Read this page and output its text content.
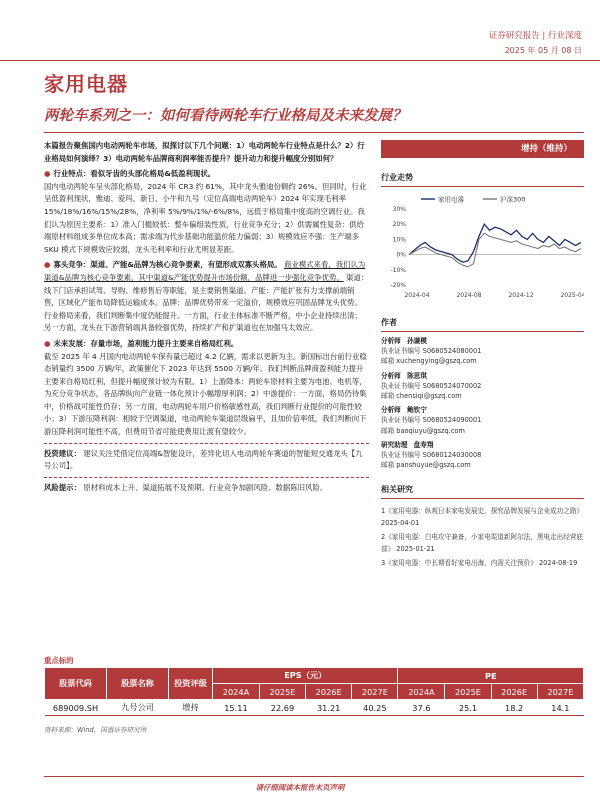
证券研究报告 | 行业深度
2025 年 05 月 08 日
家用电器
两轮车系列之一：如何看待两轮车行业格局及未来发展？

本篇报告聚焦国内电动两轮车市场，拟探讨以下几个问题：1）电动两轮车行业特点是什么？2）行业格局如何演绎？3）电动两轮车品牌商利润率能否提升？提升动力和提升幅度分别如何？

● 行业特点：看似牙齿的头部化格局&低盈利现状。
国内电动两轮车呈头部化格局，2024 年 CR3 约 61%，其中龙头雅迪份额约 26%。但同时，行业呈低盈利现状，雅迪、爱玛、新日、小牛和九号（定位高端电动两轮车）2024 年实现毛利率 15%/18%/16%/15%/28%，净利率 5%/9%/1%/-6%/8%，远低于格局集中度高的空调行业。我们认为原因主要系：1）准入门槛较低：整车偏组装性质，行业竞争充分；2）供需属性复杂：供给端原材料组成多单位成本高；需求端为代步基础功能温价能力偏弱；3）规模效应不强：生产端多 SKU 模式下规模效应较弱，龙头毛利率和行业尤明显差距。

● 寡头竞争：渠道、产能&品牌为核心竞争要素，有望形成双寡头格局。 商业模式来看，我们认为渠道&品牌为核心竞争要素，其中渠道&产能优势提升市场份额，品牌进一步强化竞争优势。 渠道：线下门店承担试驾、导购、维修售后等职能，是主要销售渠道。产能：产能扩张有力支撑前端销售，区域化产能布局降低运输成本。品牌：品牌优势带来一定溢价，规模效应巩固品牌龙头优势。行业格局来看，我们判断集中度仍能提升。一方面，行业主体标准不断严格，中小企业持续出清；另一方面，龙头在下游营销端具备较强优势，持续扩产和扩渠道也在加强马太效应。

● 未来发展：存量市场，盈利能力提升主要来自格局红利。
截至 2025 年 4 月国内电动两轮车保有量已超过 4.2 亿辆，需求以更新为主。新国标出台前行业稳态销量约 3500 万辆/年，政策催化下 2023 年达到 5500 万辆/年。我们判断品牌商盈利能力提升主要来自格局红利，但提升幅度预计较为有限。1）上游降本：两轮车原材料主要为电池、电机等，为充分竞争状态，各品牌纵向产业链一体化预计小幅增厚利润；2）中游提价：一方面，格局仍待集中，价格战可能性仍存；另一方面，电动两轮车用户价格敏感性高，我们判断行业提价的可能性较小；3）下游压降利润：相较于空调渠道，电动两轮车渠道层级扁平，且加价倍率低，我们判断向下游压降利润可能性不高，但费用节省可能使费用让渡有望较少。

投资建议： 建议关注凭借定位高端&智能设计，差异化切入电动两轮车赛道的智能短交通龙头【九号公司】。

风险提示： 原材料成本上升、渠道拓展不及预期、行业竞争加剧风险、数据陈旧风险。

增持（维持）
行业走势
家用电器	沪深300
-20%
-10%
0%
10%
20%
30%
2024-04	2024-08	2024-12	2025-04
作者
分析师 孙谦模
执业证书编号 S0680524080001
邮箱 xuchengying@gszq.com
分析师 陈思琪
执业证书编号 S0680524070002
邮箱 chensiqi@gszq.com
分析师 鲍钦宁
执业证书编号 S0680524090001
邮箱 baoqiuyu@gszq.com
研究助理 盘寿翔
执业证书编号 S0680124030008
邮箱 panshuyue@gszq.com
相关研究
1《家用电器：纵观日本家电发展史，探究品牌发展与企业成功之路》 2025-04-01
2《家用电器：白电攻守兼备，小家电渠道新阿尔法，黑电走出经营底部》 2025-01-21
3《家用电器：中长期看好家电出海，内需关注预价》 2024-08-19
重点标的
股票代码	股票名称	投资评级	EPS（元）				PE			
			2024A	2025E	2026E	2027E	2024A	2025E	2026E	2027E
689009.SH	九号公司	增持	15.11	22.69	31.21	40.25	37.6	25.1	18.2	14.1
资料来源：Wind，国盛证券研究所
请仔细阅读本报告末页声明
